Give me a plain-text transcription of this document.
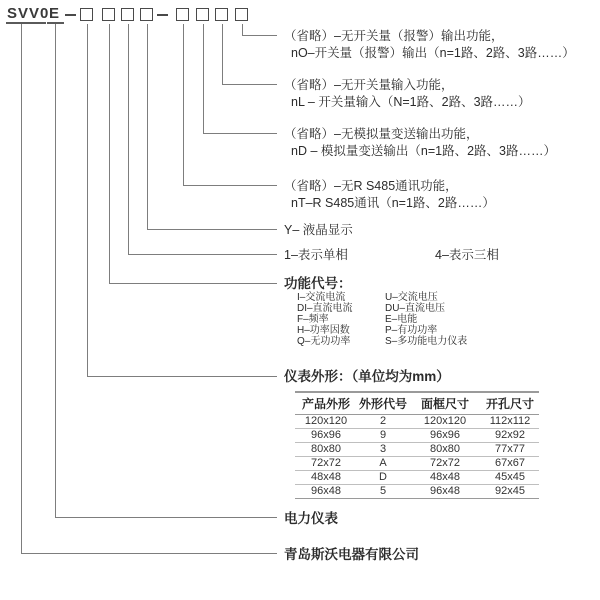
SVV0 E
（省略）–无开关量（报警）输出功能，
nO–开关量（报警）输出（n=1路、2路、3路……）
（省略）–无开关量输入功能，
nL – 开关量输入（N=1路、2路、3路……）
（省略）–无模拟量变送输出功能，
nD – 模拟量变送输出（n=1路、2路、3路……）
（省略）–无R S485通讯功能，
nT–R S485通讯（n=1路、2路……）
Y– 液晶显示
1–表示单相	4–表示三相
功能代号：
I–交流电流
DI–直流电流
F–频率
H–功率因数
Q–无功功率
U–交流电压
DU–直流电压
E–电能
P–有功功率
S–多功能电力仪表
仪表外形：（单位均为mm）
产品外形	外形代号	面框尺寸	开孔尺寸
120x120	2	120x120	112x112
96x96	9	96x96	92x92
80x80	3	80x80	77x77
72x72	A	72x72	67x67
48x48	D	48x48	45x45
96x48	5	96x48	92x45
电力仪表
青岛斯沃电器有限公司
